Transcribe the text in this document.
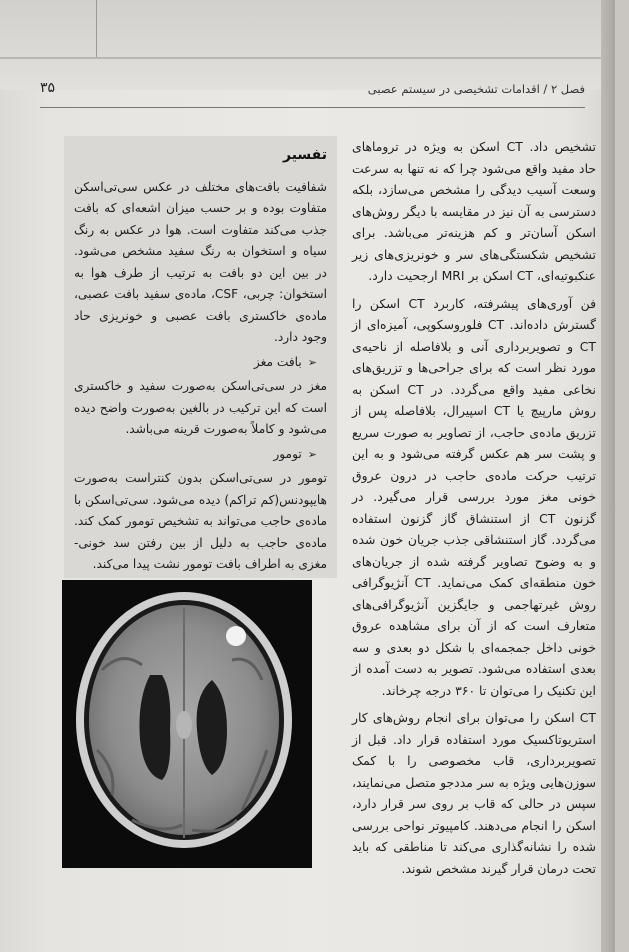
۳۵	فصل ۲ / اقدامات تشخیصی در سیستم عصبی

تشخیص داد. CT اسکن به ویژه در تروماهای حاد مفید واقع می‌شود چرا که نه تنها به سرعت وسعت آسیب دیدگی را مشخص می‌سازد، بلکه دسترسی به آن نیز در مقایسه با دیگر روش‌های اسکن آسان‌تر و کم هزینه‌تر می‌باشد. برای تشخیص شکستگی‌های سر و خونریزی‌های زیر عنکبوتیه‌ای، CT اسکن بر MRI ارجحیت دارد.

فن آوری‌های پیشرفته، کاربرد CT اسکن را گسترش داده‌اند. CT فلوروسکوپی، آمیزه‌ای از CT و تصویربرداری آنی و بلافاصله از ناحیه‌ی مورد نظر است که برای جراحی‌ها و تزریق‌های نخاعی مفید واقع می‌گردد. در CT اسکن به روش مارپیچ یا CT اسپیرال، بلافاصله پس از تزریق ماده‌ی حاجب، از تصاویر به صورت سریع و پشت سر هم عکس گرفته می‌شود و به این ترتیب حرکت ماده‌ی حاجب در درون عروق خونی مغز مورد بررسی قرار می‌گیرد. در گزنون CT از استنشاق گاز گزنون استفاده می‌گردد. گاز استنشاقی جذب جریان خون شده و به وضوح تصاویر گرفته شده از جریان‌های خون منطقه‌ای کمک می‌نماید. CT آنژیوگرافی روش غیرتهاجمی و جایگزین آنژیوگرافی‌های متعارف است که از آن برای مشاهده عروق خونی داخل جمجمه‌ای با شکل دو بعدی و سه بعدی استفاده می‌شود. تصویر به دست آمده از این تکنیک را می‌توان تا ۳۶۰ درجه چرخاند.

CT اسکن را می‌توان برای انجام روش‌های کار استریوتاکسیک مورد استفاده قرار داد. قبل از تصویربرداری، قاب مخصوصی را با کمک سوزن‌هایی ویژه به سر مددجو متصل می‌نمایند، سپس در حالی که قاب بر روی سر قرار دارد، اسکن را انجام می‌دهند. کامپیوتر نواحی بررسی شده را نشانه‌گذاری می‌کند تا مناطقی که باید تحت درمان قرار گیرند مشخص شوند.

تفسیر

شفافیت بافت‌های مختلف در عکس سی‌تی‌اسکن متفاوت بوده و بر حسب میزان اشعه‌ای که بافت جذب می‌کند متفاوت است. هوا در عکس به رنگ سیاه و استخوان به رنگ سفید مشخص می‌شود. در بین این دو بافت به ترتیب از طرف هوا به استخوان: چربی، CSF، ماده‌ی سفید بافت عصبی، ماده‌ی خاکستری بافت عصبی و خونریزی حاد وجود دارد.

➢بافت مغز

مغز در سی‌تی‌اسکن به‌صورت سفید و خاکستری است که این ترکیب در بالغین به‌صورت واضح دیده می‌شود و کاملاً به‌صورت قرینه می‌باشد.

➢تومور

تومور در سی‌تی‌اسکن بدون کنتراست به‌صورت هایپودنس(کم تراکم) دیده می‌شود. سی‌تی‌اسکن با ماده‌ی حاجب می‌تواند به تشخیص تومور کمک کند. ماده‌ی حاجب به دلیل از بین رفتن سد خونی- مغزی به اطراف بافت تومور نشت پیدا می‌کند.
